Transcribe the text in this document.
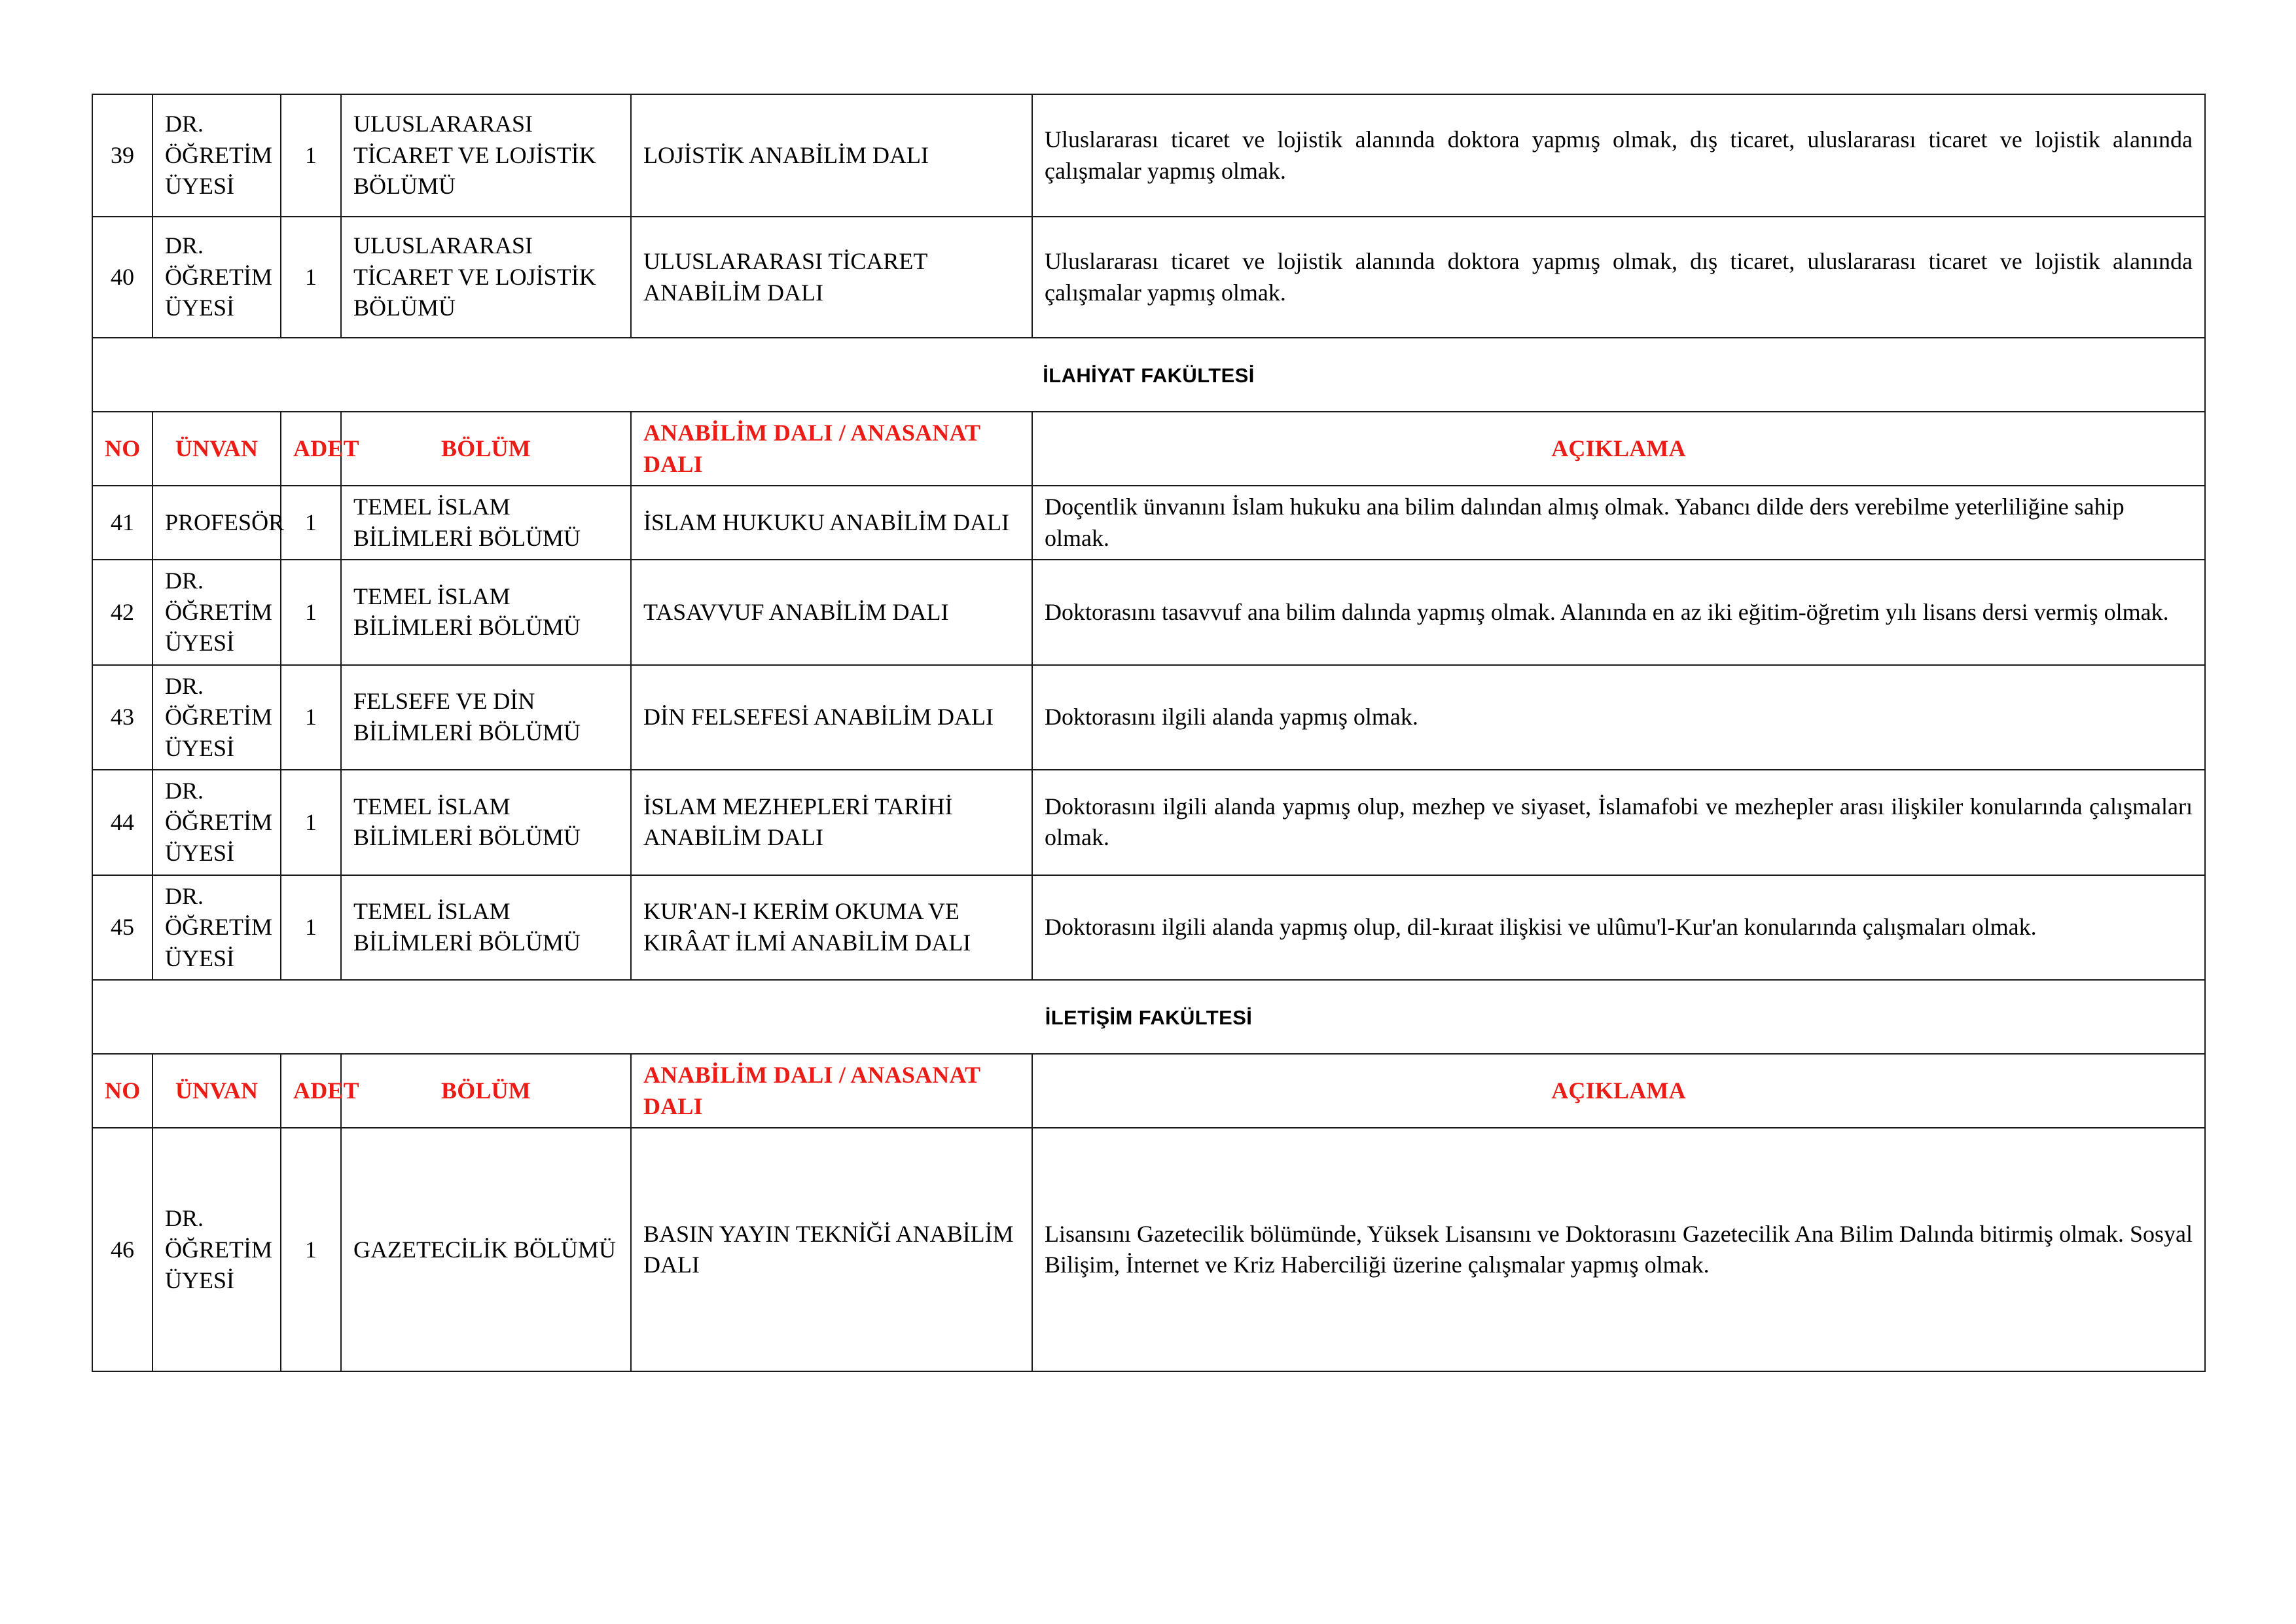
39	DR. ÖĞRETİM ÜYESİ	1	ULUSLARARASI TİCARET VE LOJİSTİK BÖLÜMÜ	LOJİSTİK ANABİLİM DALI	Uluslararası ticaret ve lojistik alanında doktora yapmış olmak, dış ticaret, uluslararası ticaret ve lojistik alanında çalışmalar yapmış olmak.
40	DR. ÖĞRETİM ÜYESİ	1	ULUSLARARASI TİCARET VE LOJİSTİK BÖLÜMÜ	ULUSLARARASI TİCARET ANABİLİM DALI	Uluslararası ticaret ve lojistik alanında doktora yapmış olmak, dış ticaret, uluslararası ticaret ve lojistik alanında çalışmalar yapmış olmak.
İLAHİYAT FAKÜLTESİ					
NO	ÜNVAN	ADET	BÖLÜM	ANABİLİM DALI / ANASANAT DALI	AÇIKLAMA
41	PROFESÖR	1	TEMEL İSLAM BİLİMLERİ BÖLÜMÜ	İSLAM HUKUKU ANABİLİM DALI	Doçentlik ünvanını İslam hukuku ana bilim dalından almış olmak. Yabancı dilde ders verebilme yeterliliğine sahip olmak.
42	DR. ÖĞRETİM ÜYESİ	1	TEMEL İSLAM BİLİMLERİ BÖLÜMÜ	TASAVVUF ANABİLİM DALI	Doktorasını tasavvuf ana bilim dalında yapmış olmak. Alanında en az iki eğitim-öğretim yılı lisans dersi vermiş olmak.
43	DR. ÖĞRETİM ÜYESİ	1	FELSEFE VE DİN BİLİMLERİ BÖLÜMÜ	DİN FELSEFESİ ANABİLİM DALI	Doktorasını ilgili alanda yapmış olmak.
44	DR. ÖĞRETİM ÜYESİ	1	TEMEL İSLAM BİLİMLERİ BÖLÜMÜ	İSLAM MEZHEPLERİ TARİHİ ANABİLİM DALI	Doktorasını ilgili alanda yapmış olup, mezhep ve siyaset, İslamafobi ve mezhepler arası ilişkiler konularında çalışmaları olmak.
45	DR. ÖĞRETİM ÜYESİ	1	TEMEL İSLAM BİLİMLERİ BÖLÜMÜ	KUR'AN-I KERİM OKUMA VE KIRÂAT İLMİ ANABİLİM DALI	Doktorasını ilgili alanda yapmış olup, dil-kıraat ilişkisi ve ulûmu'l-Kur'an konularında çalışmaları olmak.
İLETİŞİM FAKÜLTESİ					
NO	ÜNVAN	ADET	BÖLÜM	ANABİLİM DALI / ANASANAT DALI	AÇIKLAMA
46	DR. ÖĞRETİM ÜYESİ	1	GAZETECİLİK BÖLÜMÜ	BASIN YAYIN TEKNİĞİ ANABİLİM DALI	Lisansını Gazetecilik bölümünde, Yüksek Lisansını ve Doktorasını Gazetecilik Ana Bilim Dalında bitirmiş olmak. Sosyal Bilişim, İnternet ve Kriz Haberciliği üzerine çalışmalar yapmış olmak.
